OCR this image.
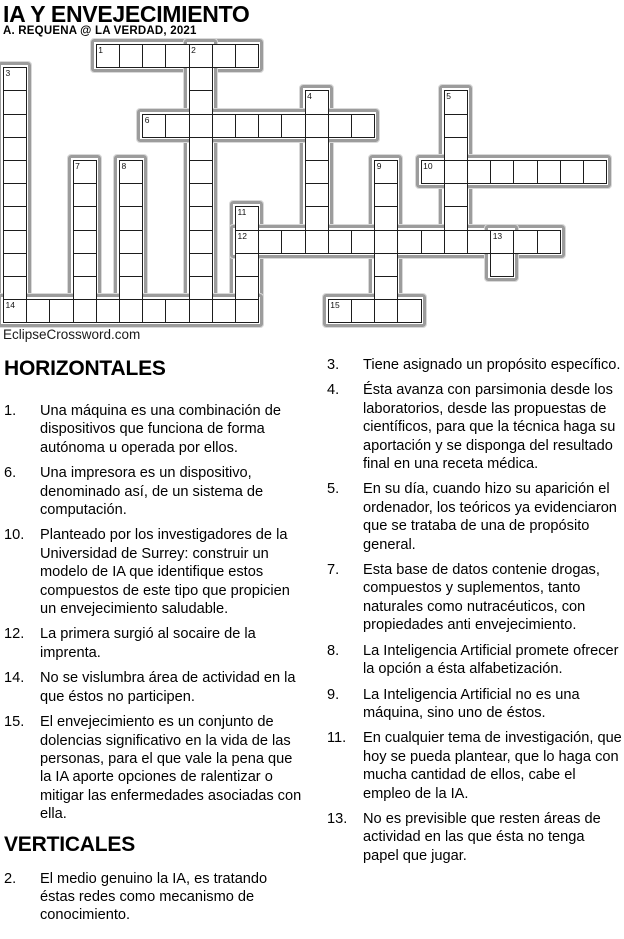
IA Y ENVEJECIMIENTO
A. REQUENA @ LA VERDAD, 2021
1	2
3
4	5
6
7	8	9	10
11
12	13
14	15
EclipseCrossword.com
HORIZONTALES
1.	Una máquina es una combinación de dispositivos que funciona de forma autónoma u operada por ellos.
6.	Una impresora es un dispositivo, denominado así, de un sistema de computación.
10.	Planteado por los investigadores de la Universidad de Surrey: construir un modelo de IA que identifique estos compuestos de este tipo que propicien un envejecimiento saludable.
12.	La primera surgió al socaire de la imprenta.
14.	No se vislumbra área de actividad en la que éstos no participen.
15.	El envejecimiento es un conjunto de dolencias significativo en la vida de las personas, para el que vale la pena que la IA aporte opciones de ralentizar o mitigar las enfermedades asociadas con ella.
VERTICALES
2.	El medio genuino la IA, es tratando éstas redes como mecanismo de conocimiento.
3.	Tiene asignado un propósito específico.
4.	Ésta avanza con parsimonia desde los laboratorios, desde las propuestas de científicos, para que la técnica haga su aportación y se disponga del resultado final en una receta médica.
5.	En su día, cuando hizo su aparición el ordenador, los teóricos ya evidenciaron que se trataba de una de propósito general.
7.	Esta base de datos contenie drogas, compuestos y suplementos, tanto naturales como nutracéuticos, con propiedades anti envejecimiento.
8.	La Inteligencia Artificial promete ofrecer la opción a ésta alfabetización.
9.	La Inteligencia Artificial no es una máquina, sino uno de éstos.
11.	En cualquier tema de investigación, que hoy se pueda plantear, que lo haga con mucha cantidad de ellos, cabe el empleo de la IA.
13.	No es previsible que resten áreas de actividad en las que ésta no tenga papel que jugar.
